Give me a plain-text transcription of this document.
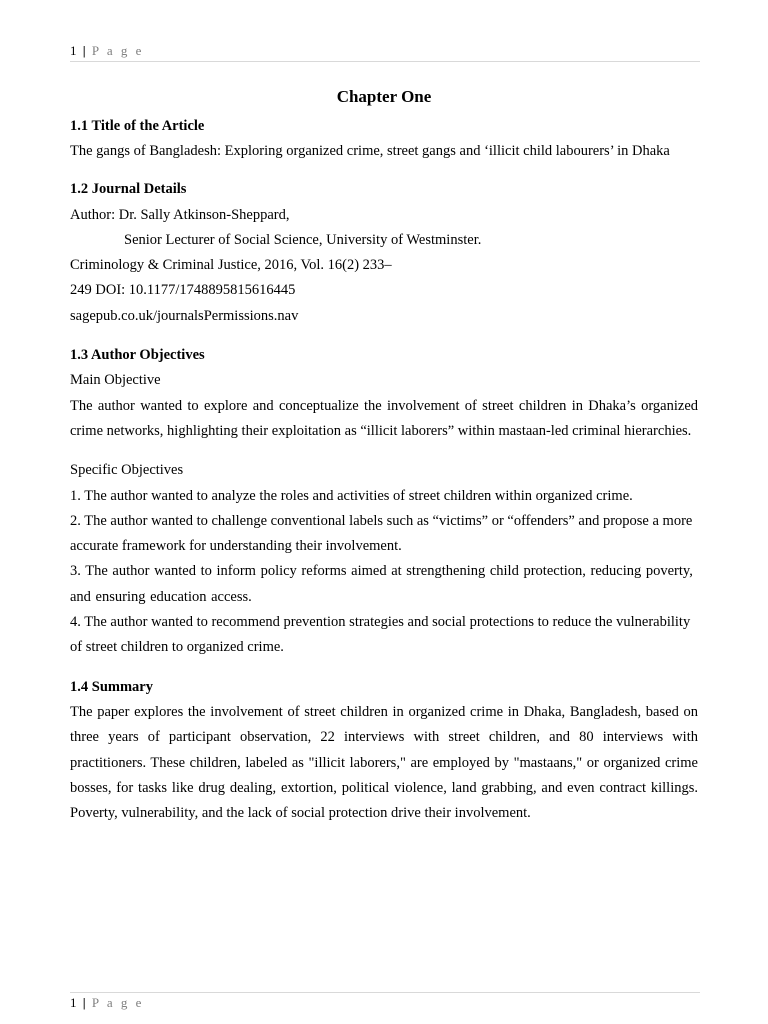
1 | P a g e
Chapter One
1.1 Title of the Article

The gangs of Bangladesh: Exploring organized crime, street gangs and ‘illicit child labourers’ in Dhaka

1.2 Journal Details

Author: Dr. Sally Atkinson-Sheppard,

Senior Lecturer of Social Science, University of Westminster.

Criminology & Criminal Justice, 2016, Vol. 16(2) 233–

249 DOI: 10.1177/1748895815616445

sagepub.co.uk/journalsPermissions.nav

1.3 Author Objectives

Main Objective

The author wanted to explore and conceptualize the involvement of street children in Dhaka’s organized crime networks, highlighting their exploitation as “illicit laborers” within mastaan-led criminal hierarchies.

Specific Objectives

1. The author wanted to analyze the roles and activities of street children within organized crime.

2. The author wanted to challenge conventional labels such as “victims” or “offenders” and propose a more accurate framework for understanding their involvement.

3. The author wanted to inform policy reforms aimed at strengthening child protection, reducing poverty, and ensuring education access.

4. The author wanted to recommend prevention strategies and social protections to reduce the vulnerability of street children to organized crime.

1.4 Summary

The paper explores the involvement of street children in organized crime in Dhaka, Bangladesh, based on three years of participant observation, 22 interviews with street children, and 80 interviews with practitioners. These children, labeled as "illicit laborers," are employed by "mastaans," or organized crime bosses, for tasks like drug dealing, extortion, political violence, land grabbing, and even contract killings. Poverty, vulnerability, and the lack of social protection drive their involvement.

1 | P a g e
